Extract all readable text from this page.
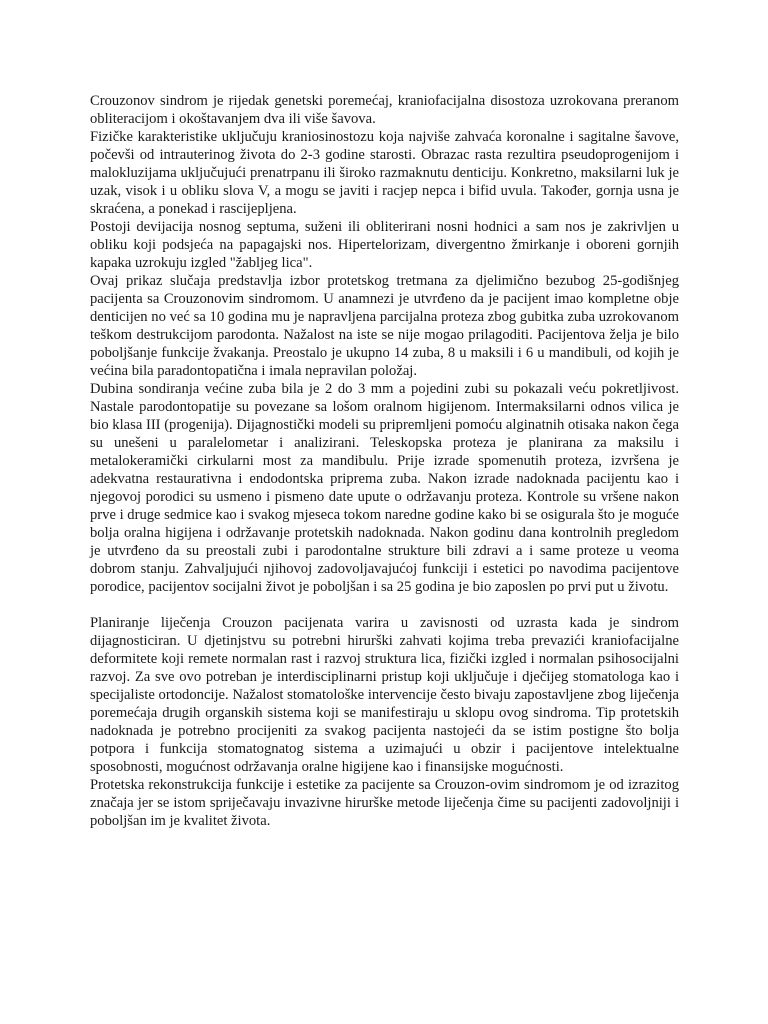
Crouzonov sindrom je rijedak genetski poremećaj, kraniofacijalna disostoza uzrokovana preranom obliteracijom i okoštavanjem dva ili više šavova.

Fizičke karakteristike uključuju kraniosinostozu koja najviše zahvaća koronalne i sagitalne šavove, počevši od intrauterinog života do 2-3 godine starosti. Obrazac rasta rezultira pseudoprogenijom i malokluzijama uključujući prenatrpanu ili široko razmaknutu denticiju. Konkretno, maksilarni luk je uzak, visok i u obliku slova V, a mogu se javiti i racjep nepca i bifid uvula. Također, gornja usna je skraćena, a ponekad i rascijepljena.

Postoji devijacija nosnog septuma, suženi ili obliterirani nosni hodnici a sam nos je zakrivljen u obliku koji podsjeća na papagajski nos. Hipertelorizam, divergentno žmirkanje i oboreni gornjih kapaka uzrokuju izgled "žabljeg lica".

Ovaj prikaz slučaja predstavlja izbor protetskog tretmana za djelimično bezubog 25-godišnjeg pacijenta sa Crouzonovim sindromom. U anamnezi je utvrđeno da je pacijent imao kompletne obje denticijen no već sa 10 godina mu je napravljena parcijalna proteza zbog gubitka zuba uzrokovanom teškom destrukcijom parodonta. Nažalost na iste se nije mogao prilagoditi. Pacijentova želja je bilo poboljšanje funkcije žvakanja. Preostalo je ukupno 14 zuba, 8 u maksili i 6 u mandibuli, od kojih je većina bila paradontopatična i imala nepravilan položaj.

Dubina sondiranja većine zuba bila je 2 do 3 mm a pojedini zubi su pokazali veću pokretljivost. Nastale parodontopatije su povezane sa lošom oralnom higijenom. Intermaksilarni odnos vilica je bio klasa III (progenija). Dijagnostički modeli su pripremljeni pomoću alginatnih otisaka nakon čega su unešeni u paralelometar i analizirani. Teleskopska proteza je planirana za maksilu i metalokeramički cirkularni most za mandibulu. Prije izrade spomenutih proteza, izvršena je adekvatna restaurativna i endodontska priprema zuba. Nakon izrade nadoknada pacijentu kao i njegovoj porodici su usmeno i pismeno date upute o održavanju proteza. Kontrole su vršene nakon prve i druge sedmice kao i svakog mjeseca tokom naredne godine kako bi se osigurala što je moguće bolja oralna higijena i održavanje protetskih nadoknada. Nakon godinu dana kontrolnih pregledom je utvrđeno da su preostali zubi i parodontalne strukture bili zdravi a i same proteze u veoma dobrom stanju. Zahvaljujući njihovoj zadovoljavajućoj funkciji i estetici po navodima pacijentove porodice, pacijentov socijalni život je poboljšan i sa 25 godina je bio zaposlen po prvi put u životu.

Planiranje liječenja Crouzon pacijenata varira u zavisnosti od uzrasta kada je sindrom dijagnosticiran. U djetinjstvu su potrebni hirurški zahvati kojima treba prevazići kraniofacijalne deformitete koji remete normalan rast i razvoj struktura lica, fizički izgled i normalan psihosocijalni razvoj. Za sve ovo potreban je interdisciplinarni pristup koji uključuje i dječijeg stomatologa kao i specijaliste ortodoncije. Nažalost stomatološke intervencije često bivaju zapostavljene zbog liječenja poremećaja drugih organskih sistema koji se manifestiraju u sklopu ovog sindroma. Tip protetskih nadoknada je potrebno procijeniti za svakog pacijenta nastojeći da se istim postigne što bolja potpora i funkcija stomatognatog sistema a uzimajući u obzir i pacijentove intelektualne sposobnosti, mogućnost održavanja oralne higijene kao i finansijske mogućnosti.

Protetska rekonstrukcija funkcije i estetike za pacijente sa Crouzon-ovim sindromom je od izrazitog značaja jer se istom spriječavaju invazivne hirurške metode liječenja čime su pacijenti zadovoljniji i poboljšan im je kvalitet života.
